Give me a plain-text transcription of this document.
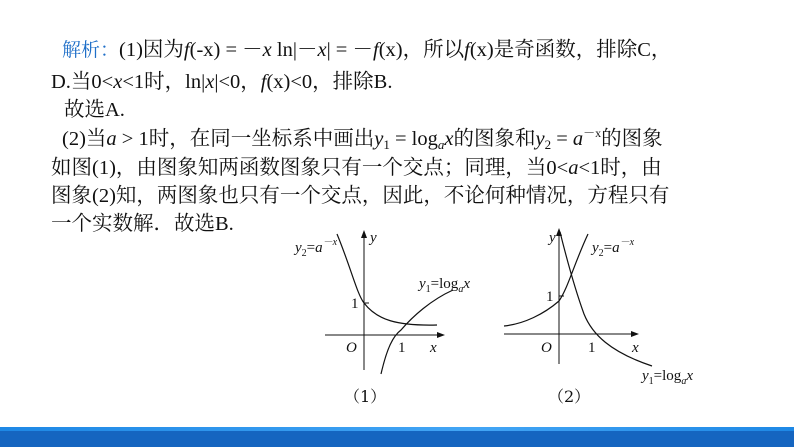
解析：(1)因为f(-x) = －x ln|－x| = －f(x)，所以f(x)是奇函数，排除C，
D.当0<x<1时，ln|x|<0，f(x)<0，排除B.
故选A.
(2)当a > 1时，在同一坐标系中画出$y_1 = \log_ax$的图象和$y_2 = a^{-x}$的图象
如图(1)，由图象知两函数图象只有一个交点；同理，当0<a<1时，由
图象(2)知，两图象也只有一个交点，因此，不论何种情况，方程只有
一个实数解．故选B.
y
x
O
1
1
$y_2=a^{-x}$
$y_1=\log_ax$
y
x
O
1
1
$y_2=a^{-x}$
$y_1=\log_ax$
（1）	（2）
